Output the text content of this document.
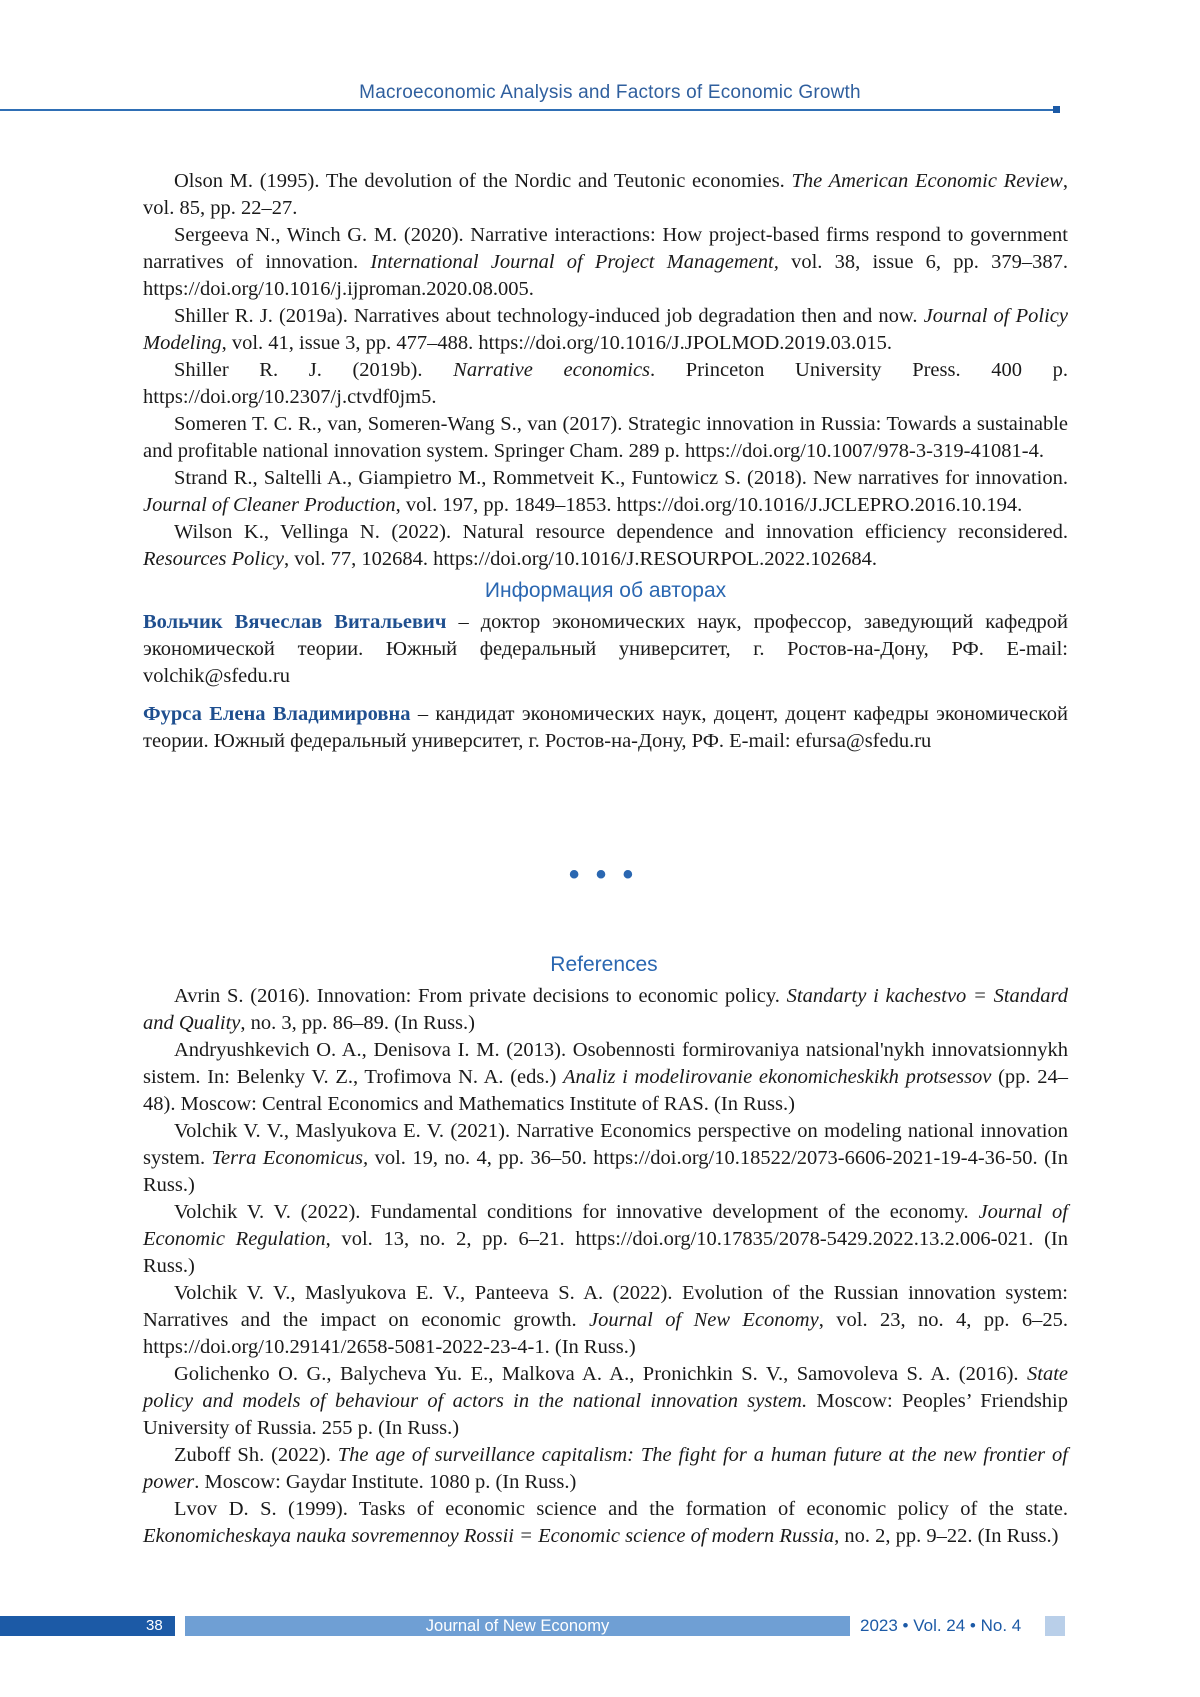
Macroeconomic Analysis and Factors of Economic Growth

Olson M. (1995). The devolution of the Nordic and Teutonic economies. The American Economic Review, vol. 85, pp. 22–27.

Sergeeva N., Winch G. M. (2020). Narrative interactions: How project-based firms respond to government narratives of innovation. International Journal of Project Management, vol. 38, issue 6, pp. 379–387. https://doi.org/10.1016/j.ijproman.2020.08.005.

Shiller R. J. (2019a). Narratives about technology-induced job degradation then and now. Journal of Policy Modeling, vol. 41, issue 3, pp. 477–488. https://doi.org/10.1016/J.JPOLMOD.2019.03.015.

Shiller R. J. (2019b). Narrative economics. Princeton University Press. 400 p. https://doi.org/10.2307/j.ctvdf0jm5.

Someren T. C. R., van, Someren-Wang S., van (2017). Strategic innovation in Russia: Towards a sustainable and profitable national innovation system. Springer Cham. 289 p. https://doi.org/10.1007/978-3-319-41081-4.

Strand R., Saltelli A., Giampietro M., Rommetveit K., Funtowicz S. (2018). New narratives for innovation. Journal of Cleaner Production, vol. 197, pp. 1849–1853. https://doi.org/10.1016/J.JCLEPRO.2016.10.194.

Wilson K., Vellinga N. (2022). Natural resource dependence and innovation efficiency reconsidered. Resources Policy, vol. 77, 102684. https://doi.org/10.1016/J.RESOURPOL.2022.102684.

Информация об авторах

Вольчик Вячеслав Витальевич – доктор экономических наук, профессор, заведующий кафедрой экономической теории. Южный федеральный университет, г. Ростов-на-Дону, РФ. E-mail: volchik@sfedu.ru

Фурса Елена Владимировна – кандидат экономических наук, доцент, доцент кафедры экономической теории. Южный федеральный университет, г. Ростов-на-Дону, РФ. E-mail: efursa@sfedu.ru

• • •
References

Avrin S. (2016). Innovation: From private decisions to economic policy. Standarty i kachestvo = Standard and Quality, no. 3, pp. 86–89. (In Russ.)

Andryushkevich O. A., Denisova I. M. (2013). Osobennosti formirovaniya natsional'nykh innovatsionnykh sistem. In: Belenky V. Z., Trofimova N. A. (eds.) Analiz i modelirovanie ekonomicheskikh protsessov (pp. 24–48). Moscow: Central Economics and Mathematics Institute of RAS. (In Russ.)

Volchik V. V., Maslyukova E. V. (2021). Narrative Economics perspective on modeling national innovation system. Terra Economicus, vol. 19, no. 4, pp. 36–50. https://doi.org/10.18522/2073-6606-2021-19-4-36-50. (In Russ.)

Volchik V. V. (2022). Fundamental conditions for innovative development of the economy. Journal of Economic Regulation, vol. 13, no. 2, pp. 6–21. https://doi.org/10.17835/2078-5429.2022.13.2.006-021. (In Russ.)

Volchik V. V., Maslyukova E. V., Panteeva S. A. (2022). Evolution of the Russian innovation system: Narratives and the impact on economic growth. Journal of New Economy, vol. 23, no. 4, pp. 6–25. https://doi.org/10.29141/2658-5081-2022-23-4-1. (In Russ.)

Golichenko O. G., Balycheva Yu. E., Malkova A. A., Pronichkin S. V., Samovoleva S. A. (2016). State policy and models of behaviour of actors in the national innovation system. Moscow: Peoples’ Friendship University of Russia. 255 p. (In Russ.)

Zuboff Sh. (2022). The age of surveillance capitalism: The fight for a human future at the new frontier of power. Moscow: Gaydar Institute. 1080 p. (In Russ.)

Lvov D. S. (1999). Tasks of economic science and the formation of economic policy of the state. Ekonomicheskaya nauka sovremennoy Rossii = Economic science of modern Russia, no. 2, pp. 9–22. (In Russ.)

38	Journal of New Economy	2023 • Vol. 24 • No. 4
